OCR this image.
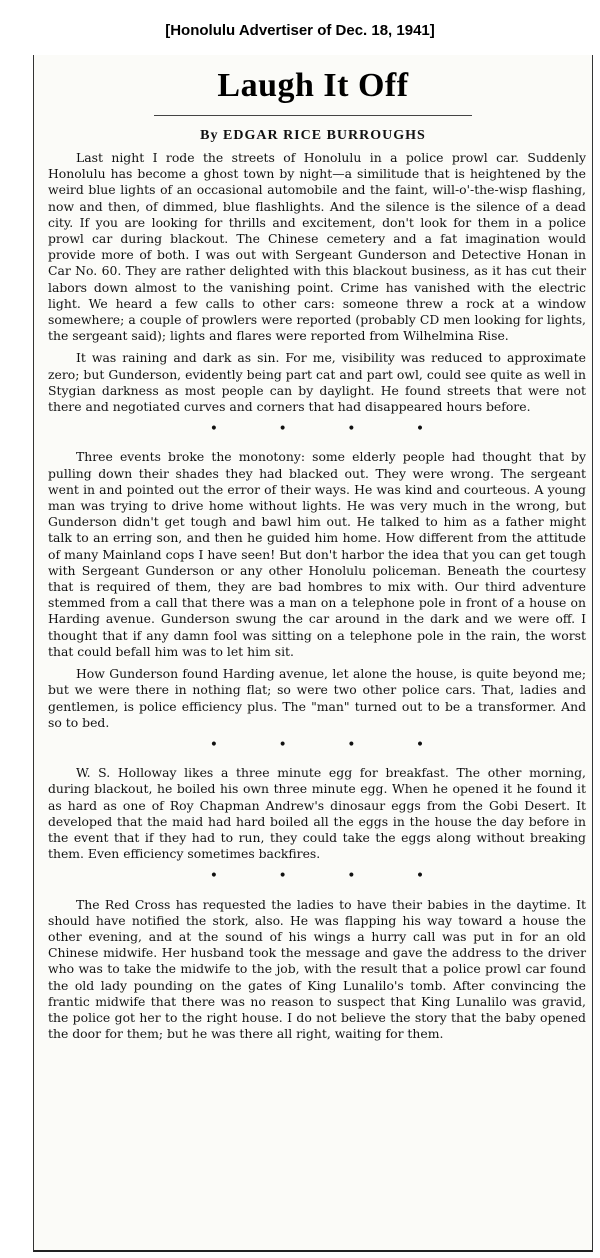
[Honolulu Advertiser of Dec. 18, 1941]
Laugh It Off
By EDGAR RICE BURROUGHS

Last night I rode the streets of Honolulu in a police prowl car. Suddenly Honolulu has become a ghost town by night—a similitude that is heightened by the weird blue lights of an occasional automobile and the faint, will-o'-the-wisp flashing, now and then, of dimmed, blue flashlights. And the silence is the silence of a dead city. If you are looking for thrills and excitement, don't look for them in a police prowl car during blackout. The Chinese cemetery and a fat imagination would provide more of both. I was out with Sergeant Gunderson and Detective Honan in Car No. 60. They are rather delighted with this blackout business, as it has cut their labors down almost to the vanishing point. Crime has vanished with the electric light. We heard a few calls to other cars: someone threw a rock at a window somewhere; a couple of prowlers were reported (probably CD men looking for lights, the sergeant said); lights and flares were reported from Wilhelmina Rise.

It was raining and dark as sin. For me, visibility was reduced to approximate zero; but Gunderson, evidently being part cat and part owl, could see quite as well in Stygian darkness as most people can by daylight. He found streets that were not there and negotiated curves and corners that had disappeared hours before.

• • • •

Three events broke the monotony: some elderly people had thought that by pulling down their shades they had blacked out. They were wrong. The sergeant went in and pointed out the error of their ways. He was kind and courteous. A young man was trying to drive home without lights. He was very much in the wrong, but Gunderson didn't get tough and bawl him out. He talked to him as a father might talk to an erring son, and then he guided him home. How different from the attitude of many Mainland cops I have seen! But don't harbor the idea that you can get tough with Sergeant Gunderson or any other Honolulu policeman. Beneath the courtesy that is required of them, they are bad hombres to mix with. Our third adventure stemmed from a call that there was a man on a telephone pole in front of a house on Harding avenue. Gunderson swung the car around in the dark and we were off. I thought that if any damn fool was sitting on a telephone pole in the rain, the worst that could befall him was to let him sit.

How Gunderson found Harding avenue, let alone the house, is quite beyond me; but we were there in nothing flat; so were two other police cars. That, ladies and gentlemen, is police efficiency plus. The "man" turned out to be a transformer. And so to bed.

• • • •

W. S. Holloway likes a three minute egg for breakfast. The other morning, during blackout, he boiled his own three minute egg. When he opened it he found it as hard as one of Roy Chapman Andrew's dinosaur eggs from the Gobi Desert. It developed that the maid had hard boiled all the eggs in the house the day before in the event that if they had to run, they could take the eggs along without breaking them. Even efficiency sometimes backfires.

• • • •

The Red Cross has requested the ladies to have their babies in the daytime. It should have notified the stork, also. He was flapping his way toward a house the other evening, and at the sound of his wings a hurry call was put in for an old Chinese midwife. Her husband took the message and gave the address to the driver who was to take the midwife to the job, with the result that a police prowl car found the old lady pounding on the gates of King Lunalilo's tomb. After convincing the frantic midwife that there was no reason to suspect that King Lunalilo was gravid, the police got her to the right house. I do not believe the story that the baby opened the door for them; but he was there all right, waiting for them.
